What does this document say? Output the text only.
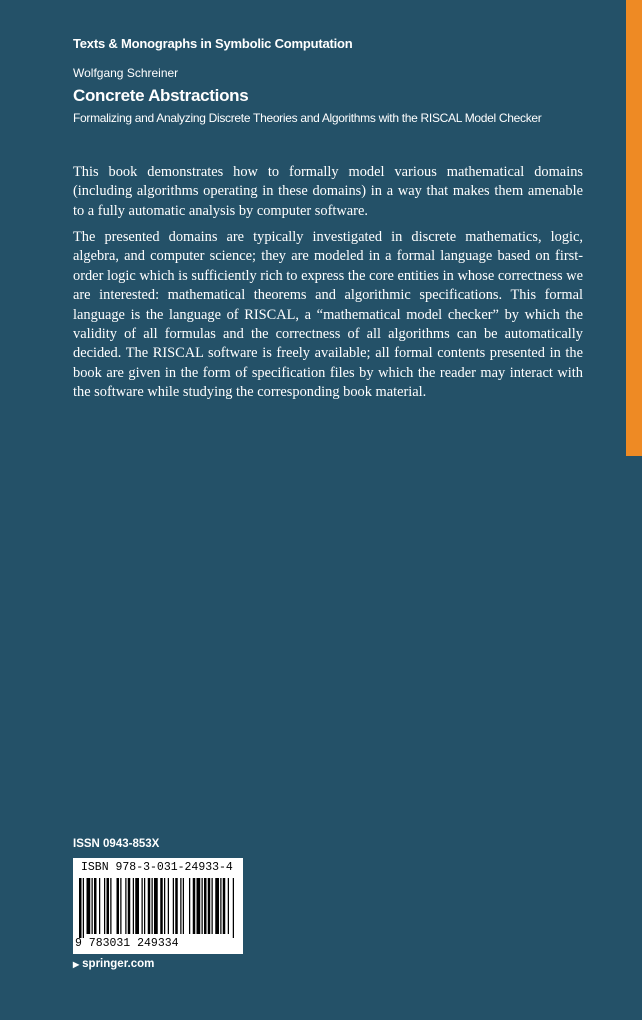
Texts & Monographs in Symbolic Computation
Wolfgang Schreiner
Concrete Abstractions
Formalizing and Analyzing Discrete Theories and Algorithms with the RISCAL Model Checker

This book demonstrates how to formally model various mathematical domains (including algorithms operating in these domains) in a way that makes them amenable to a fully automatic analysis by computer software.

The presented domains are typically investigated in discrete mathematics, logic, algebra, and computer science; they are modeled in a formal language based on first-order logic which is sufficiently rich to express the core entities in whose correctness we are interested: mathematical theorems and algorithmic specifications. This formal language is the language of RISCAL, a “mathematical model checker” by which the validity of all formulas and the correctness of all algorithms can be automatically decided. The RISCAL software is freely available; all formal contents presented in the book are given in the form of specification files by which the reader may interact with the software while studying the corresponding book material.

ISSN 0943-853X
ISBN 978-3-031-24933-4
9 783031 249334
▶ springer.com
